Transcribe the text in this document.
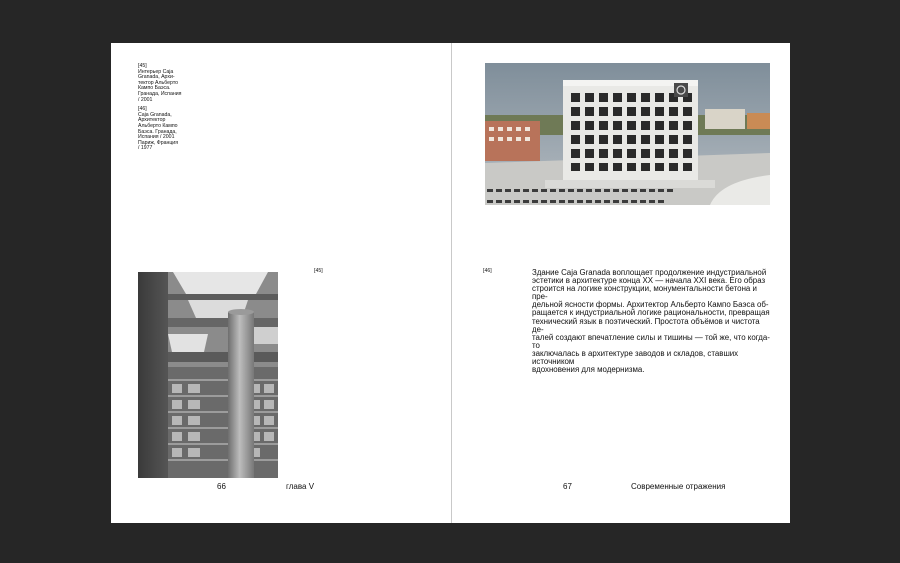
[45]
Интерьер Caja
Granada, Архи-
тектор Альберто
Кампо Баэса.
Гранада, Испания
/ 2001
[46]
Caja Granada,
Архитектор
Альберто Кампо
Баэса. Гранада,
Испания / 2001
Париж, Франция
/ 1977
[45]
66	глава V
[46]	Здание Caja Granada воплощает продолжение индустриальной
эстетики в архитектуре конца XX — начала XXI века. Его образ
строится на логике конструкции, монументальности бетона и пре-
дельной ясности формы. Архитектор Альберто Кампо Баэса об-
ращается к индустриальной логике рациональности, превращая
технический язык в поэтический. Простота объёмов и чистота де-
талей создают впечатление силы и тишины — той же, что когда-то
заключалась в архитектуре заводов и складов, ставших источником
вдохновения для модернизма.
67	Современные отражения
